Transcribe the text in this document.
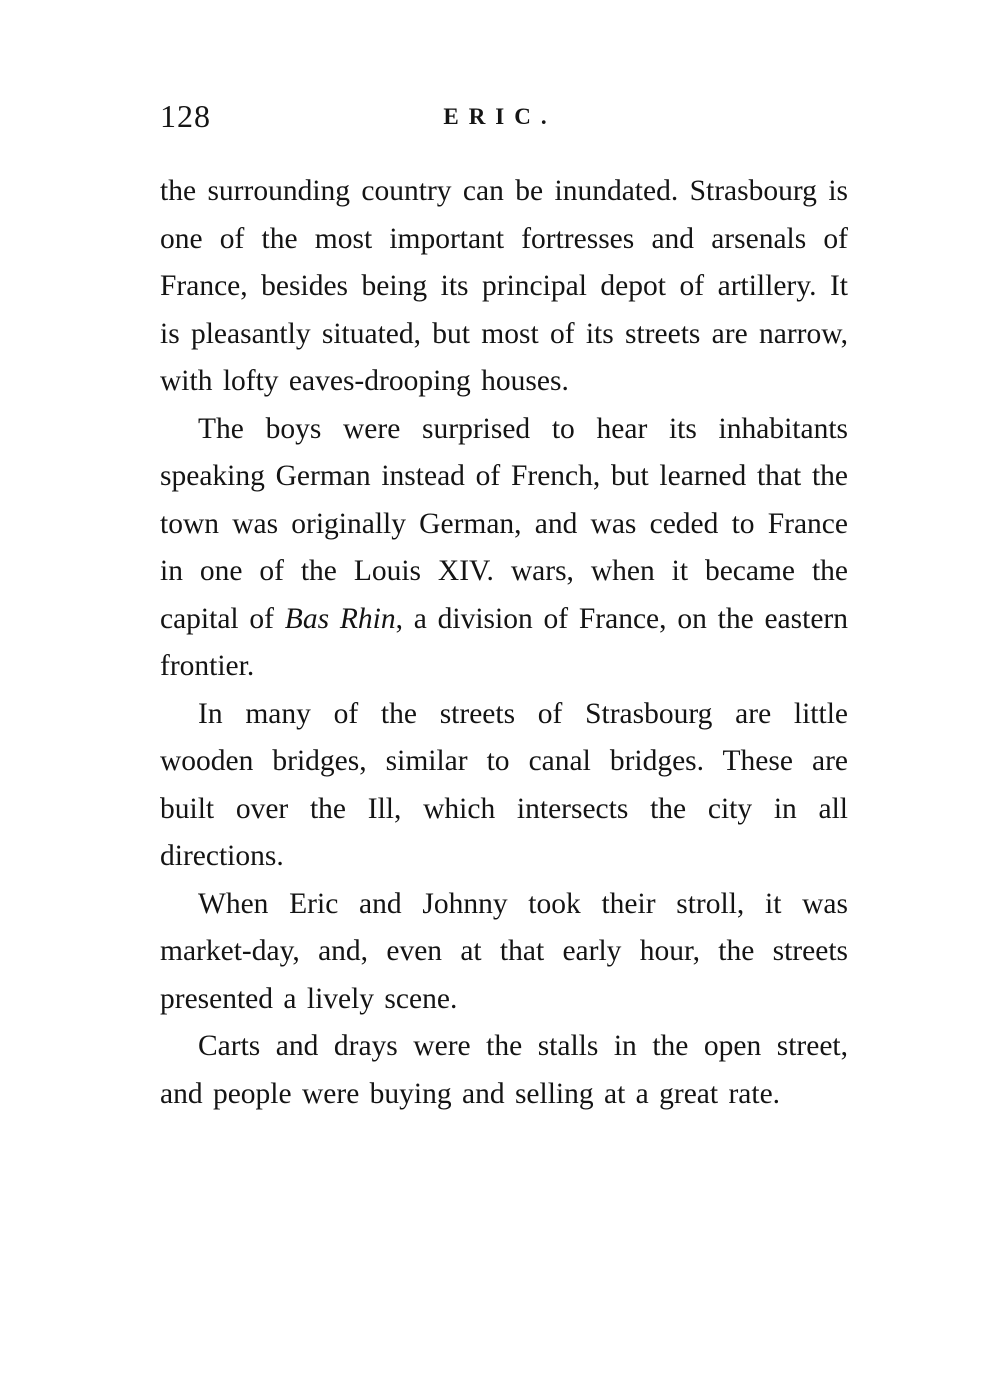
128	ERIC.

the surrounding country can be inundated. Strasbourg is one of the most important fortresses and arsenals of France, besides being its principal depot of artillery. It is pleasantly situated, but most of its streets are narrow, with lofty eaves-drooping houses.

The boys were surprised to hear its inhabitants speaking German instead of French, but learned that the town was originally German, and was ceded to France in one of the Louis XIV. wars, when it became the capital of Bas Rhin, a division of France, on the eastern frontier.

In many of the streets of Strasbourg are little wooden bridges, similar to canal bridges. These are built over the Ill, which intersects the city in all directions.

When Eric and Johnny took their stroll, it was market-day, and, even at that early hour, the streets presented a lively scene.

Carts and drays were the stalls in the open street, and people were buying and selling at a great rate.
